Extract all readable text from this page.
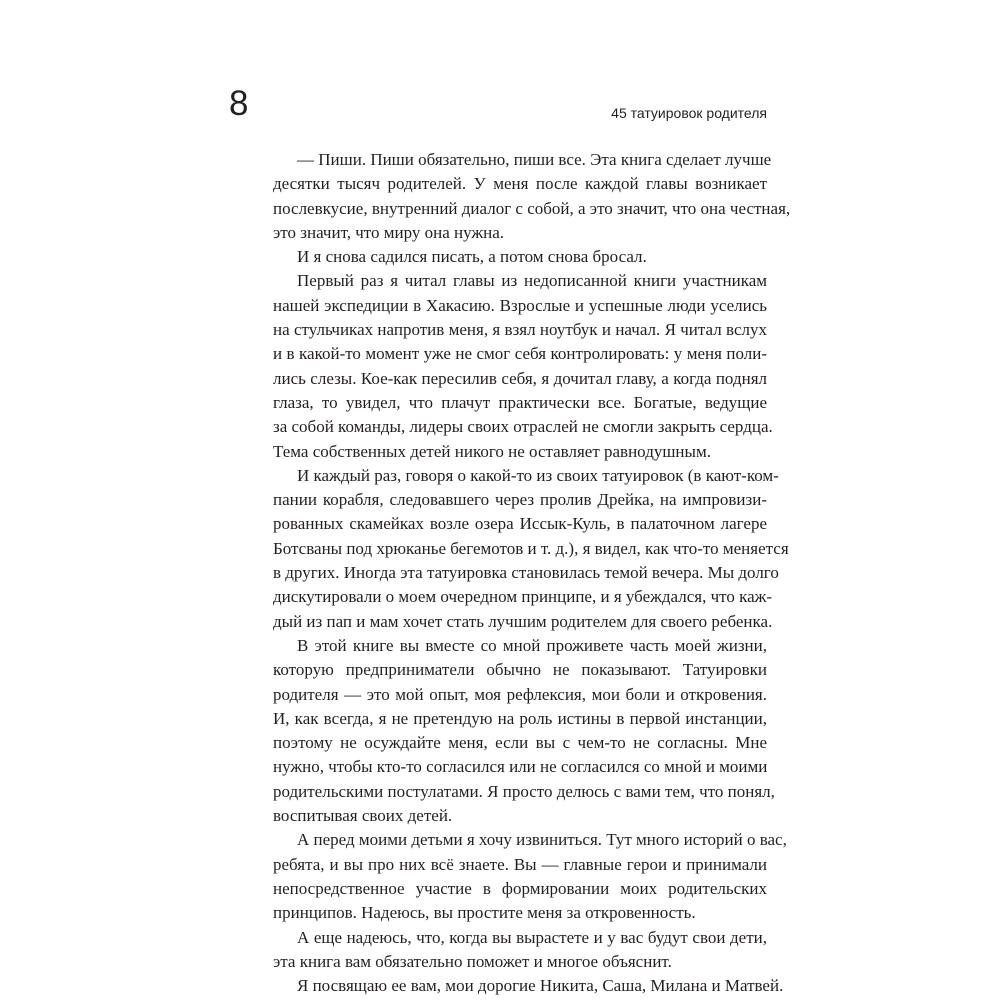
8	45 татуировок родителя

— Пиши. Пиши обязательно, пиши все. Эта книга сделает лучше
десятки тысяч родителей. У меня после каждой главы возникает
послевкусие, внутренний диалог с собой, а это значит, что она честная,
это значит, что миру она нужна.

И я снова садился писать, а потом снова бросал.

Первый раз я читал главы из недописанной книги участникам
нашей экспедиции в Хакасию. Взрослые и успешные люди уселись
на стульчиках напротив меня, я взял ноутбук и начал. Я читал вслух
и в какой-то момент уже не смог себя контролировать: у меня поли-
лись слезы. Кое-как пересилив себя, я дочитал главу, а когда поднял
глаза, то увидел, что плачут практически все. Богатые, ведущие
за собой команды, лидеры своих отраслей не смогли закрыть сердца.
Тема собственных детей никого не оставляет равнодушным.

И каждый раз, говоря о какой-то из своих татуировок (в кают-ком-
пании корабля, следовавшего через пролив Дрейка, на импровизи-
рованных скамейках возле озера Иссык-Куль, в палаточном лагере
Ботсваны под хрюканье бегемотов и т. д.), я видел, как что-то меняется
в других. Иногда эта татуировка становилась темой вечера. Мы долго
дискутировали о моем очередном принципе, и я убеждался, что каж-
дый из пап и мам хочет стать лучшим родителем для своего ребенка.

В этой книге вы вместе со мной проживете часть моей жизни,
которую предприниматели обычно не показывают. Татуировки
родителя — это мой опыт, моя рефлексия, мои боли и откровения.
И, как всегда, я не претендую на роль истины в первой инстанции,
поэтому не осуждайте меня, если вы с чем-то не согласны. Мне
нужно, чтобы кто-то согласился или не согласился со мной и моими
родительскими постулатами. Я просто делюсь с вами тем, что понял,
воспитывая своих детей.

А перед моими детьми я хочу извиниться. Тут много историй о вас,
ребята, и вы про них всё знаете. Вы — главные герои и принимали
непосредственное участие в формировании моих родительских
принципов. Надеюсь, вы простите меня за откровенность.

А еще надеюсь, что, когда вы вырастете и у вас будут свои дети,
эта книга вам обязательно поможет и многое объяснит.

Я посвящаю ее вам, мои дорогие Никита, Саша, Милана и Матвей.
